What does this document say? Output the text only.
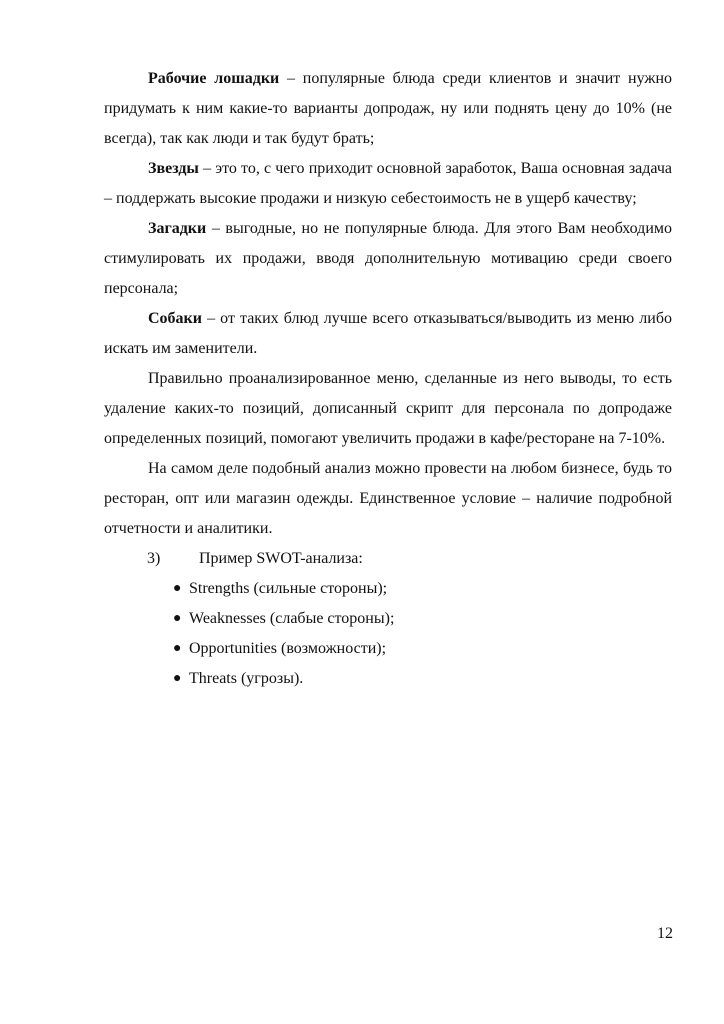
Рабочие лошадки – популярные блюда среди клиентов и значит нужно придумать к ним какие-то варианты допродаж, ну или поднять цену до 10% (не всегда), так как люди и так будут брать;

Звезды – это то, с чего приходит основной заработок, Ваша основная задача – поддержать высокие продажи и низкую себестоимость не в ущерб качеству;

Загадки – выгодные, но не популярные блюда. Для этого Вам необходимо стимулировать их продажи, вводя дополнительную мотивацию среди своего персонала;

Собаки – от таких блюд лучше всего отказываться/выводить из меню либо искать им заменители.

Правильно проанализированное меню, сделанные из него выводы, то есть удаление каких-то позиций, дописанный скрипт для персонала по допродаже определенных позиций, помогают увеличить продажи в кафе/ресторане на 7-10%.

На самом деле подобный анализ можно провести на любом бизнесе, будь то ресторан, опт или магазин одежды. Единственное условие – наличие подробной отчетности и аналитики.

3) Пример SWOT-анализа:
● Strengths (сильные стороны);
● Weaknesses (слабые стороны);
● Opportunities (возможности);
● Threats (угрозы).
12
